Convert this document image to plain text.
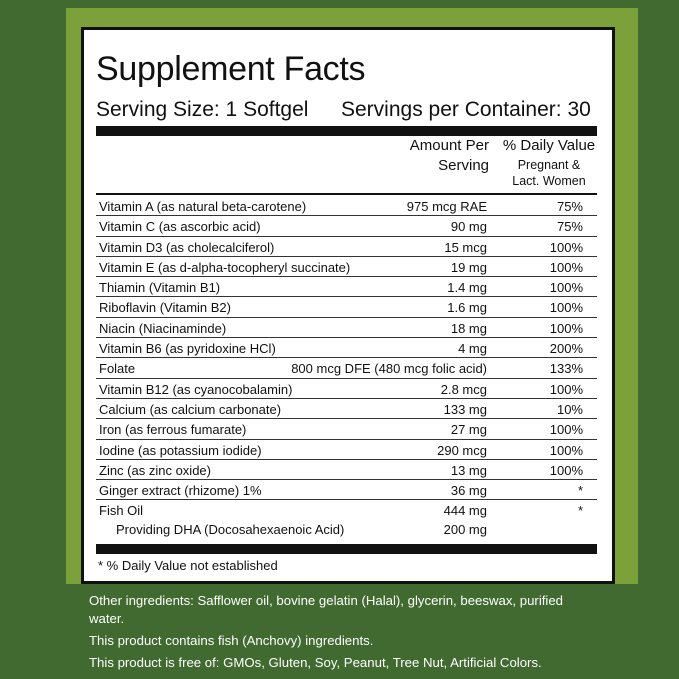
Supplement Facts
Serving Size: 1 Softgel Servings per Container: 30
Amount Per
Serving
% Daily Value
Pregnant &
Lact. Women
Vitamin A (as natural beta-carotene)	975 mcg RAE	75%
Vitamin C (as ascorbic acid)	90 mg	75%
Vitamin D3 (as cholecalciferol)	15 mcg	100%
Vitamin E (as d-alpha-tocopheryl succinate)	19 mg	100%
Thiamin (Vitamin B1)	1.4 mg	100%
Riboflavin (Vitamin B2)	1.6 mg	100%
Niacin (Niacinaminde)	18 mg	100%
Vitamin B6 (as pyridoxine HCl)	4 mg	200%
Folate	800 mcg DFE (480 mcg folic acid)	133%
Vitamin B12 (as cyanocobalamin)	2.8 mcg	100%
Calcium (as calcium carbonate)	133 mg	10%
Iron (as ferrous fumarate)	27 mg	100%
Iodine (as potassium iodide)	290 mcg	100%
Zinc (as zinc oxide)	13 mg	100%
Ginger extract (rhizome) 1%	36 mg	*
Fish Oil	444 mg	*
Providing DHA (Docosahexaenoic Acid)	200 mg
* % Daily Value not established

Other ingredients: Safflower oil, bovine gelatin (Halal), glycerin, beeswax, purified water.

This product contains fish (Anchovy) ingredients.

This product is free of: GMOs, Gluten, Soy, Peanut, Tree Nut, Artificial Colors.
